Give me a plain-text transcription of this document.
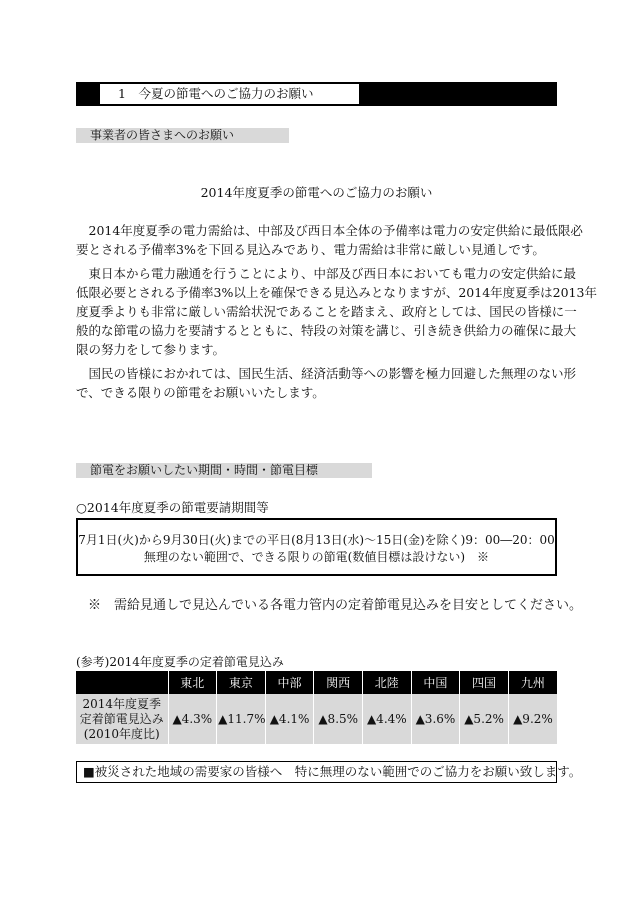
1　今夏の節電へのご協力のお願い
事業者の皆さまへのお願い
2014年度夏季の節電へのご協力のお願い
　2014年度夏季の電力需給は、中部及び西日本全体の予備率は電力の安定供給に最低限必
要とされる予備率3%を下回る見込みであり、電力需給は非常に厳しい見通しです。
　東日本から電力融通を行うことにより、中部及び西日本においても電力の安定供給に最
低限必要とされる予備率3%以上を確保できる見込みとなりますが、2014年度夏季は2013年
度夏季よりも非常に厳しい需給状況であることを踏まえ、政府としては、国民の皆様に一
般的な節電の協力を要請するとともに、特段の対策を講じ、引き続き供給力の確保に最大
限の努力をして参ります。
　国民の皆様におかれては、国民生活、経済活動等への影響を極力回避した無理のない形
で、できる限りの節電をお願いいたします。
節電をお願いしたい期間・時間・節電目標
○2014年度夏季の節電要請期間等
7月1日(火)から9月30日(火)までの平日(8月13日(水)～15日(金)を除く)9：00―20：00
無理のない範囲で、できる限りの節電(数値目標は設けない)　※
※　需給見通しで見込んでいる各電力管内の定着節電見込みを目安としてください。
(参考)2014年度夏季の定着節電見込み
	東北	東京	中部	関西	北陸	中国	四国	九州

2014年度夏季
定着節電見込み
(2010年度比)	▲4.3%	▲11.7%	▲4.1%	▲8.5%	▲4.4%	▲3.6%	▲5.2%	▲9.2%
■被災された地域の需要家の皆様へ　特に無理のない範囲でのご協力をお願い致します。
